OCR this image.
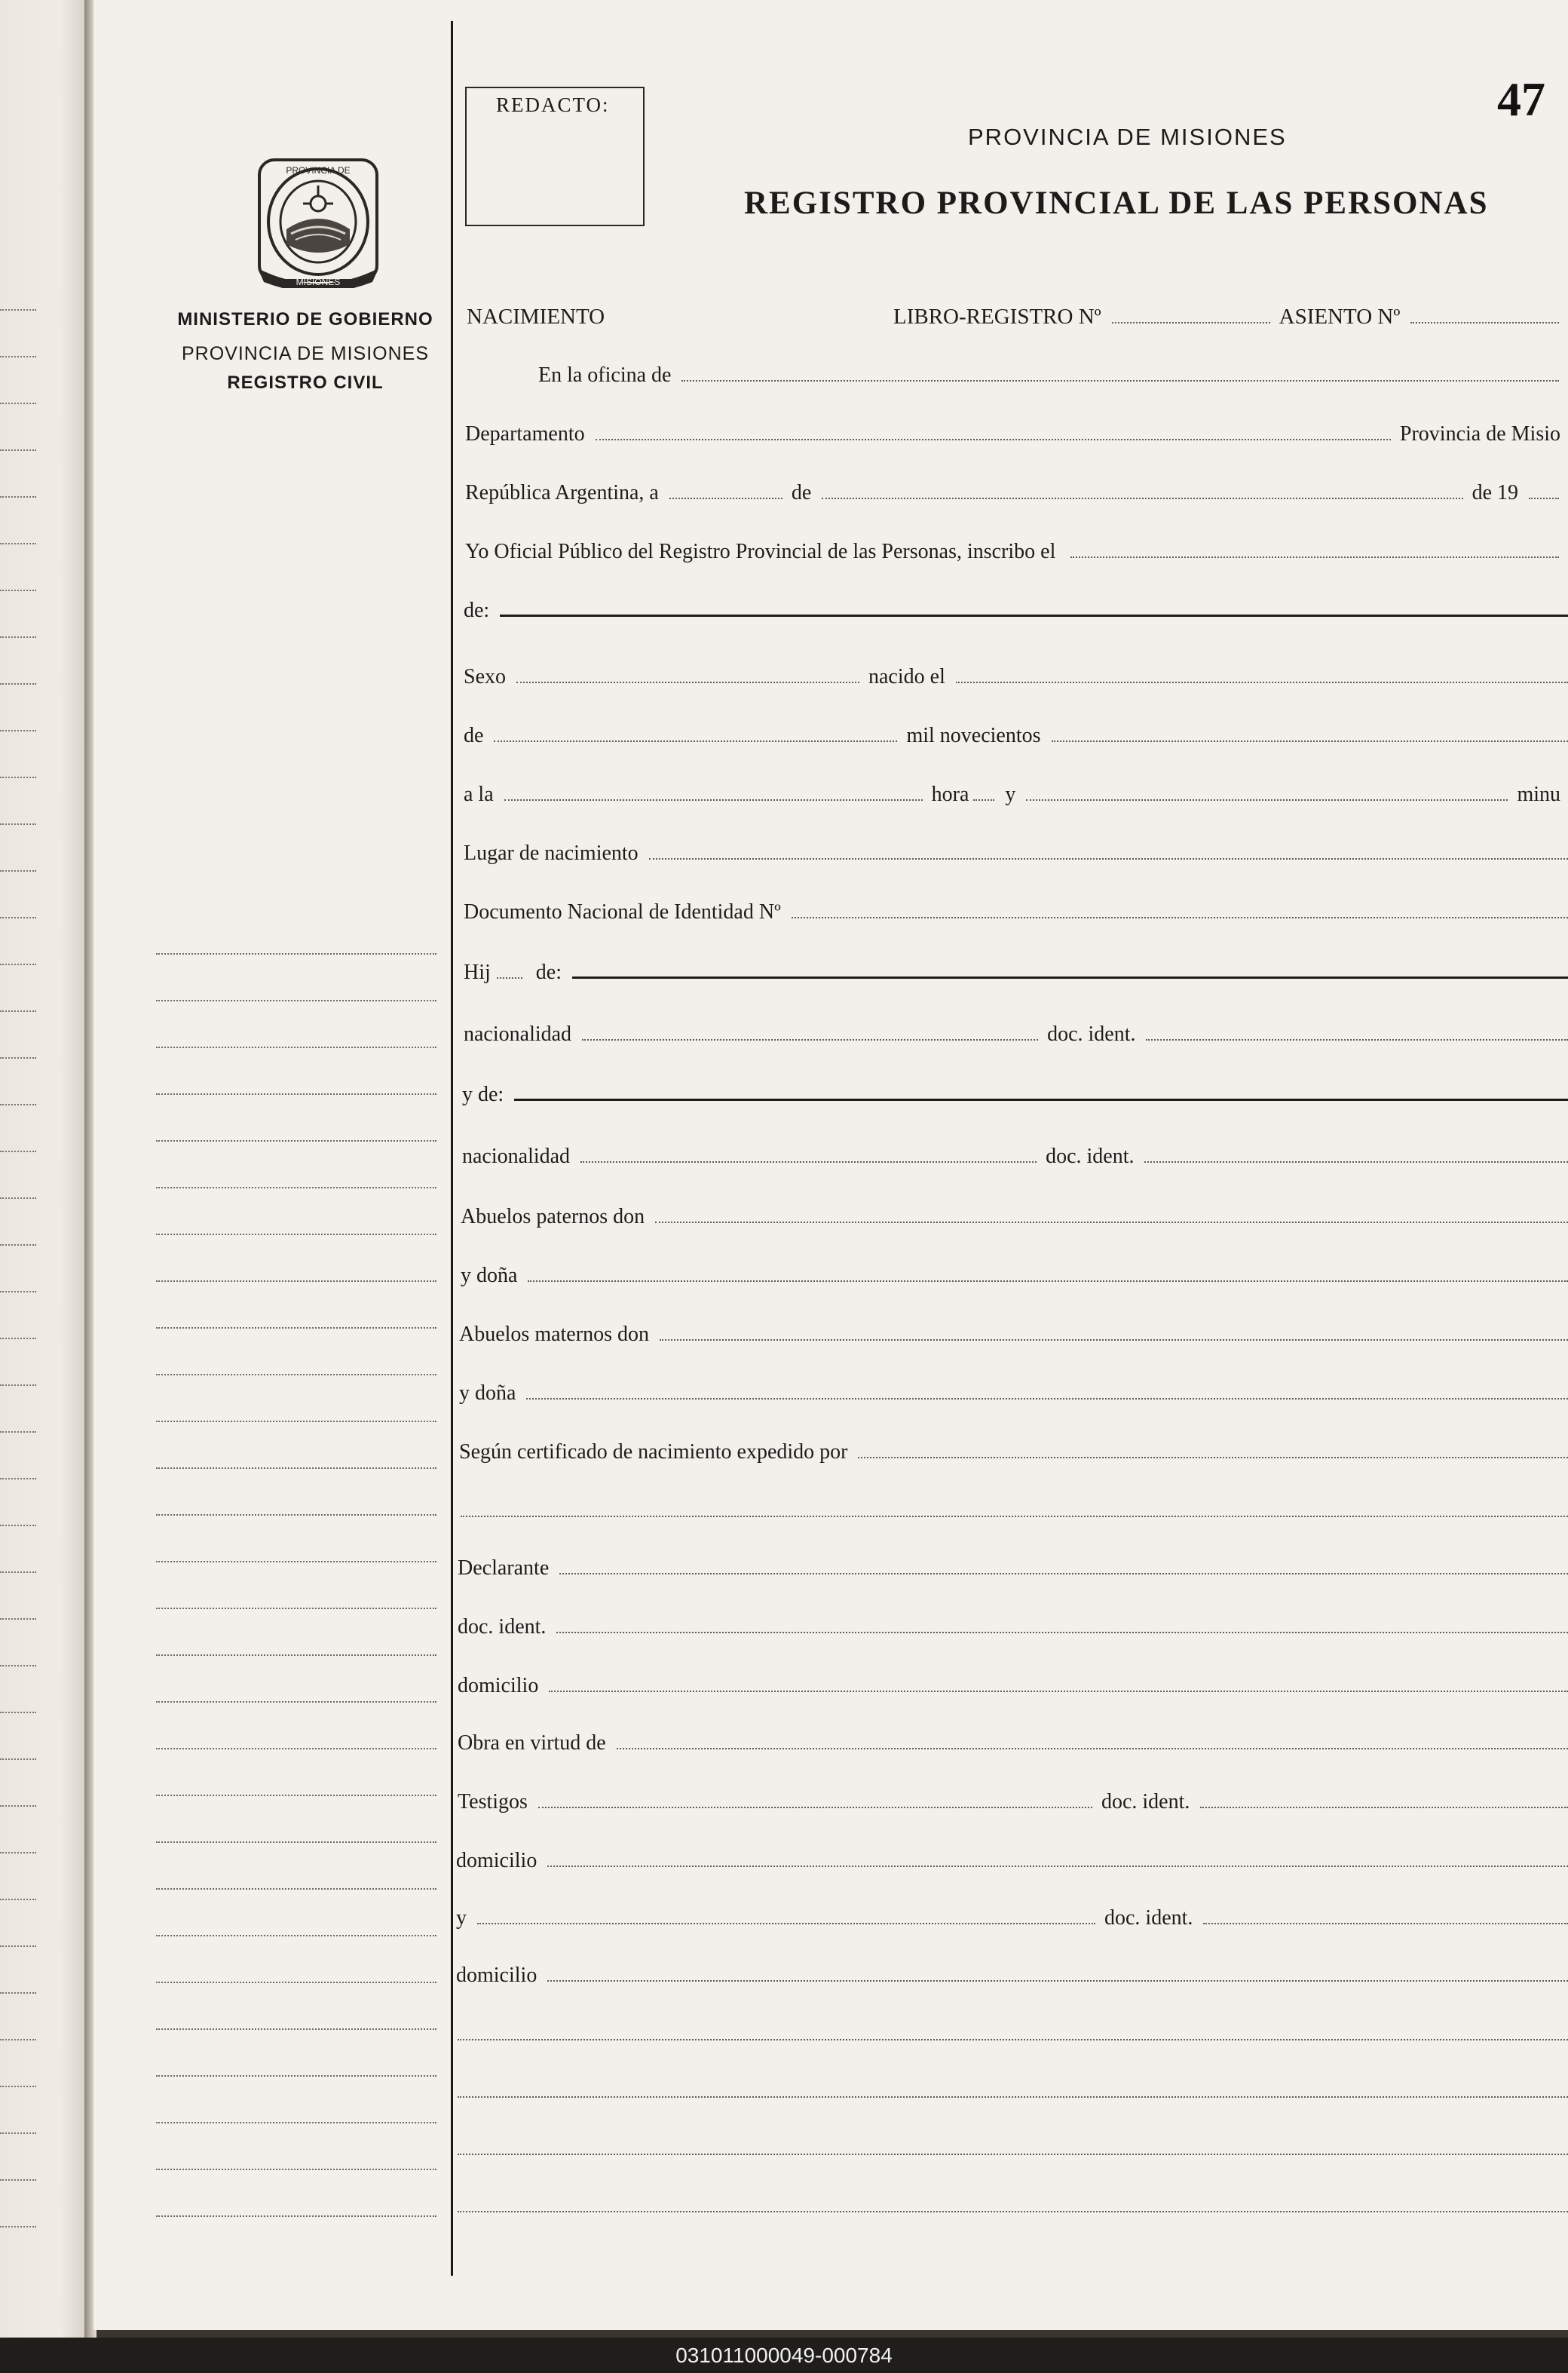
PROVINCIA DE
MISIONES
MINISTERIO DE GOBIERNO
PROVINCIA DE MISIONES
REGISTRO CIVIL
REDACTO:	47
PROVINCIA DE MISIONES
REGISTRO PROVINCIAL DE LAS PERSONAS
NACIMIENTO	LIBRO-REGISTRO Nº	ASIENTO Nº
En la oficina de
Departamento	Provincia de Misio
República Argentina, a	de	de 19
Yo Oficial Público del Registro Provincial de las Personas, inscribo el
de:
Sexo	nacido el
de	mil novecientos
a la	hora y	minu
Lugar de nacimiento
Documento Nacional de Identidad Nº
Hij de:
nacionalidad	doc. ident.
y de:
nacionalidad	doc. ident.
Abuelos paternos don
y doña
Abuelos maternos don
y doña
Según certificado de nacimiento expedido por
Declarante
doc. ident.
domicilio
Obra en virtud de
Testigos	doc. ident.
domicilio
y	doc. ident.
domicilio
031011000049-000784
